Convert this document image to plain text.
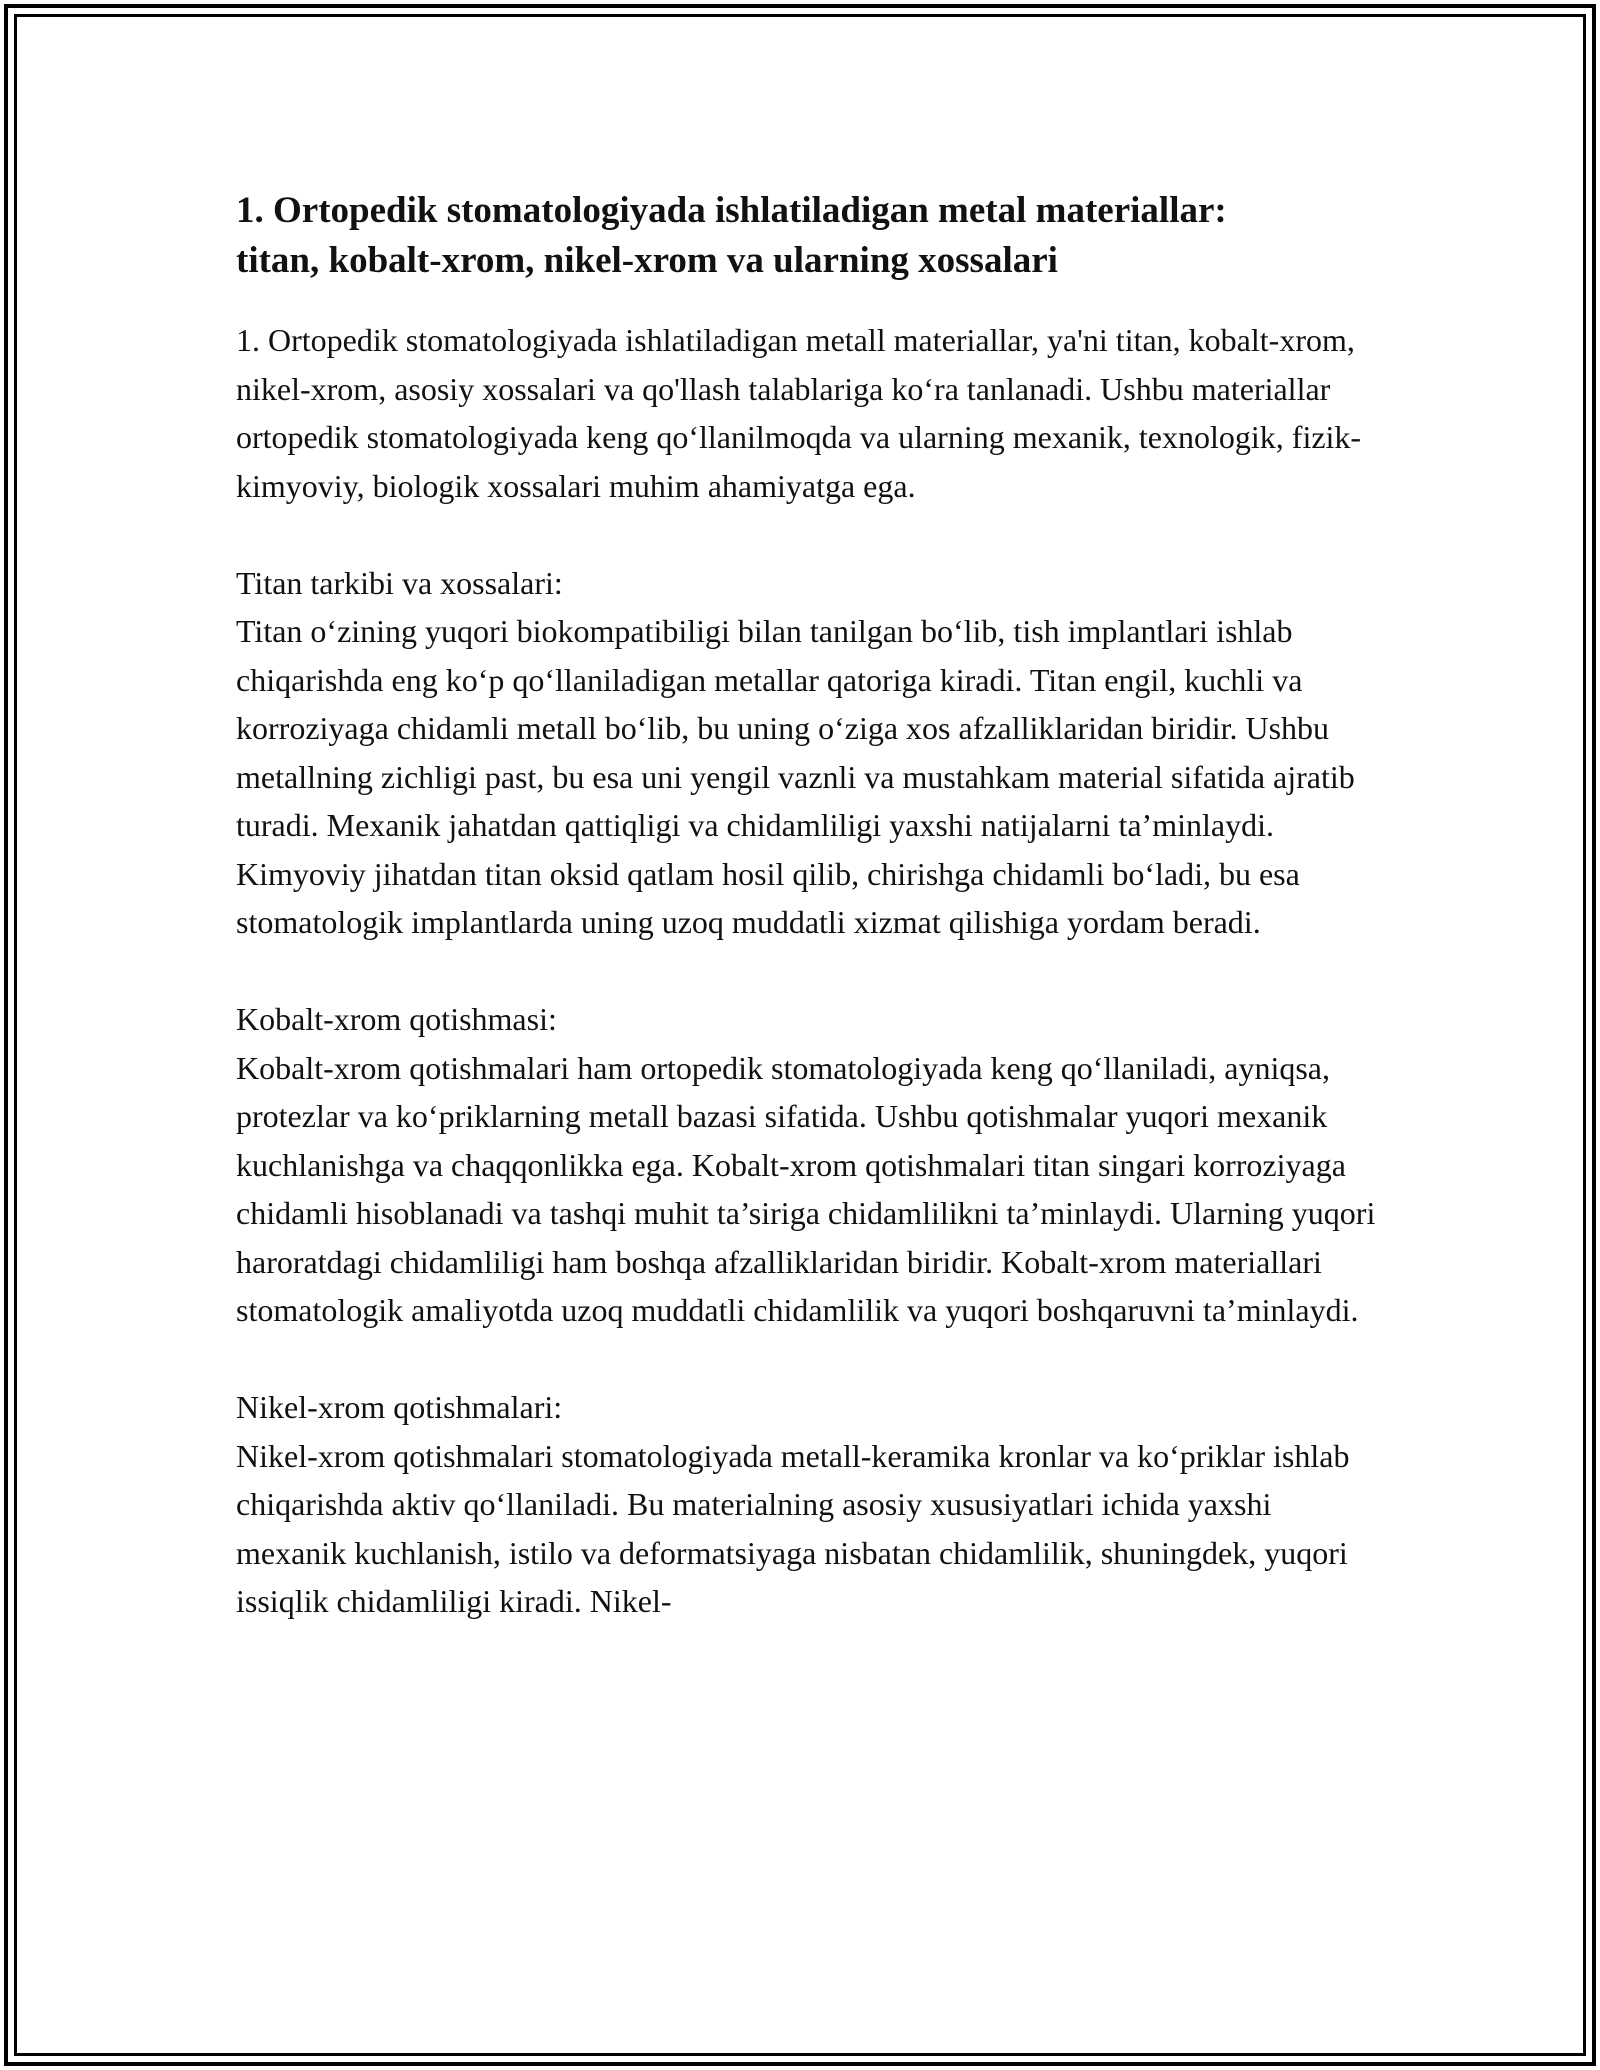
1. Ortopedik stomatologiyada ishlatiladigan metal materiallar:
titan, kobalt-xrom, nikel-xrom va ularning xossalari

1. Ortopedik stomatologiyada ishlatiladigan metall materiallar, ya'ni titan, kobalt-xrom, nikel-xrom, asosiy xossalari va qo'llash talablariga ko‘ra tanlanadi. Ushbu materiallar ortopedik stomatologiyada keng qo‘llanilmoqda va ularning mexanik, texnologik, fizik-kimyoviy, biologik xossalari muhim ahamiyatga ega.

Titan tarkibi va xossalari:
Titan o‘zining yuqori biokompatibiligi bilan tanilgan bo‘lib, tish implantlari ishlab chiqarishda eng ko‘p qo‘llaniladigan metallar qatoriga kiradi. Titan engil, kuchli va korroziyaga chidamli metall bo‘lib, bu uning o‘ziga xos afzalliklaridan biridir. Ushbu metallning zichligi past, bu esa uni yengil vaznli va mustahkam material sifatida ajratib turadi. Mexanik jahatdan qattiqligi va chidamliligi yaxshi natijalarni ta’minlaydi. Kimyoviy jihatdan titan oksid qatlam hosil qilib, chirishga chidamli bo‘ladi, bu esa stomatologik implantlarda uning uzoq muddatli xizmat qilishiga yordam beradi.

Kobalt-xrom qotishmasi:
Kobalt-xrom qotishmalari ham ortopedik stomatologiyada keng qo‘llaniladi, ayniqsa, protezlar va ko‘priklarning metall bazasi sifatida. Ushbu qotishmalar yuqori mexanik kuchlanishga va chaqqonlikka ega. Kobalt-xrom qotishmalari titan singari korroziyaga chidamli hisoblanadi va tashqi muhit ta’siriga chidamlilikni ta’minlaydi. Ularning yuqori haroratdagi chidamliligi ham boshqa afzalliklaridan biridir. Kobalt-xrom materiallari stomatologik amaliyotda uzoq muddatli chidamlilik va yuqori boshqaruvni ta’minlaydi.

Nikel-xrom qotishmalari:
Nikel-xrom qotishmalari stomatologiyada metall-keramika kronlar va ko‘priklar ishlab chiqarishda aktiv qo‘llaniladi. Bu materialning asosiy xususiyatlari ichida yaxshi mexanik kuchlanish, istilo va deformatsiyaga nisbatan chidamlilik, shuningdek, yuqori issiqlik chidamliligi kiradi. Nikel-
